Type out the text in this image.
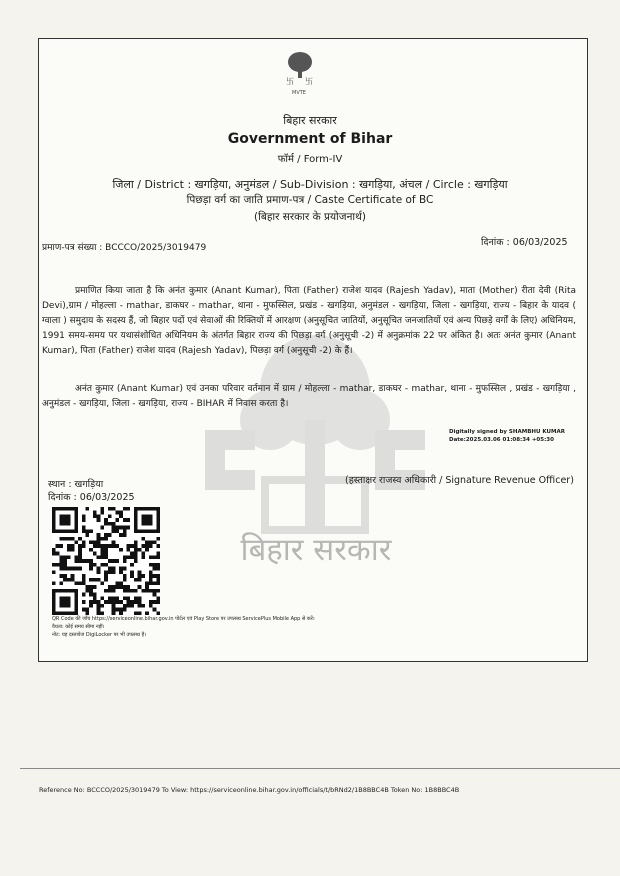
卐 卐
MVTE
बिहार सरकार
बिहार सरकार
Government of Bihar
फॉर्म / Form-IV
जिला / District : खगड़िया, अनुमंडल / Sub-Division : खगड़िया, अंचल / Circle : खगड़िया
पिछड़ा वर्ग का जाति प्रमाण-पत्र / Caste Certificate of BC
(बिहार सरकार के प्रयोजनार्थ)
प्रमाण-पत्र संख्या : BCCCO/2025/3019479	दिनांक : 06/03/2025
प्रमाणित किया जाता है कि अनंत कुमार (Anant Kumar), पिता (Father) राजेश यादव (Rajesh Yadav), माता (Mother) रीता देवी (Rita Devi),ग्राम / मोहल्ला - mathar, डाकघर - mathar, थाना - मुफस्सिल, प्रखंड - खगड़िया, अनुमंडल - खगड़िया, जिला - खगड़िया, राज्य - बिहार के यादव ( ग्वाला ) समुदाय के सदस्य हैं, जो बिहार पदों एवं सेवाओं की रिक्तियों में आरक्षण (अनुसूचित जातियों, अनुसूचित जनजातियों एवं अन्य पिछड़े वर्गों के लिए) अधिनियम, 1991 समय-समय पर यथासंशोधित अधिनियम के अंतर्गत बिहार राज्य की पिछड़ा वर्ग (अनुसूची -2) में अनुक्रमांक 22 पर अंकित है। अतः अनंत कुमार (Anant Kumar), पिता (Father) राजेश यादव (Rajesh Yadav), पिछड़ा वर्ग (अनुसूची -2) के हैं।
अनंत कुमार (Anant Kumar) एवं उनका परिवार वर्तमान में ग्राम / मोहल्ला - mathar, डाकघर - mathar, थाना - मुफस्सिल , प्रखंड - खगड़िया , अनुमंडल - खगड़िया, जिला - खगड़िया, राज्य - BIHAR में निवास करता है।
Digitally signed by SHAMBHU KUMAR
Date:2025.03.06 01:08:34 +05:30
स्थान : खगड़िया
दिनांक : 06/03/2025
(हस्ताक्षर राजस्व अधिकारी / Signature Revenue Officer)
QR Code की जाँच https://serviceonline.bihar.gov.in पोर्टल एवं Play Store पर उपलब्ध ServicePlus Mobile App से करें।
वैधता: कोई समय सीमा नहीं।
नोट: यह दस्तावेज DigiLocker पर भी उपलब्ध है।
Reference No: BCCCO/2025/3019479 To View: https://serviceonline.bihar.gov.in/officials/t/bRNd2/1B8BBC4B Token No: 1B8BBC4B
